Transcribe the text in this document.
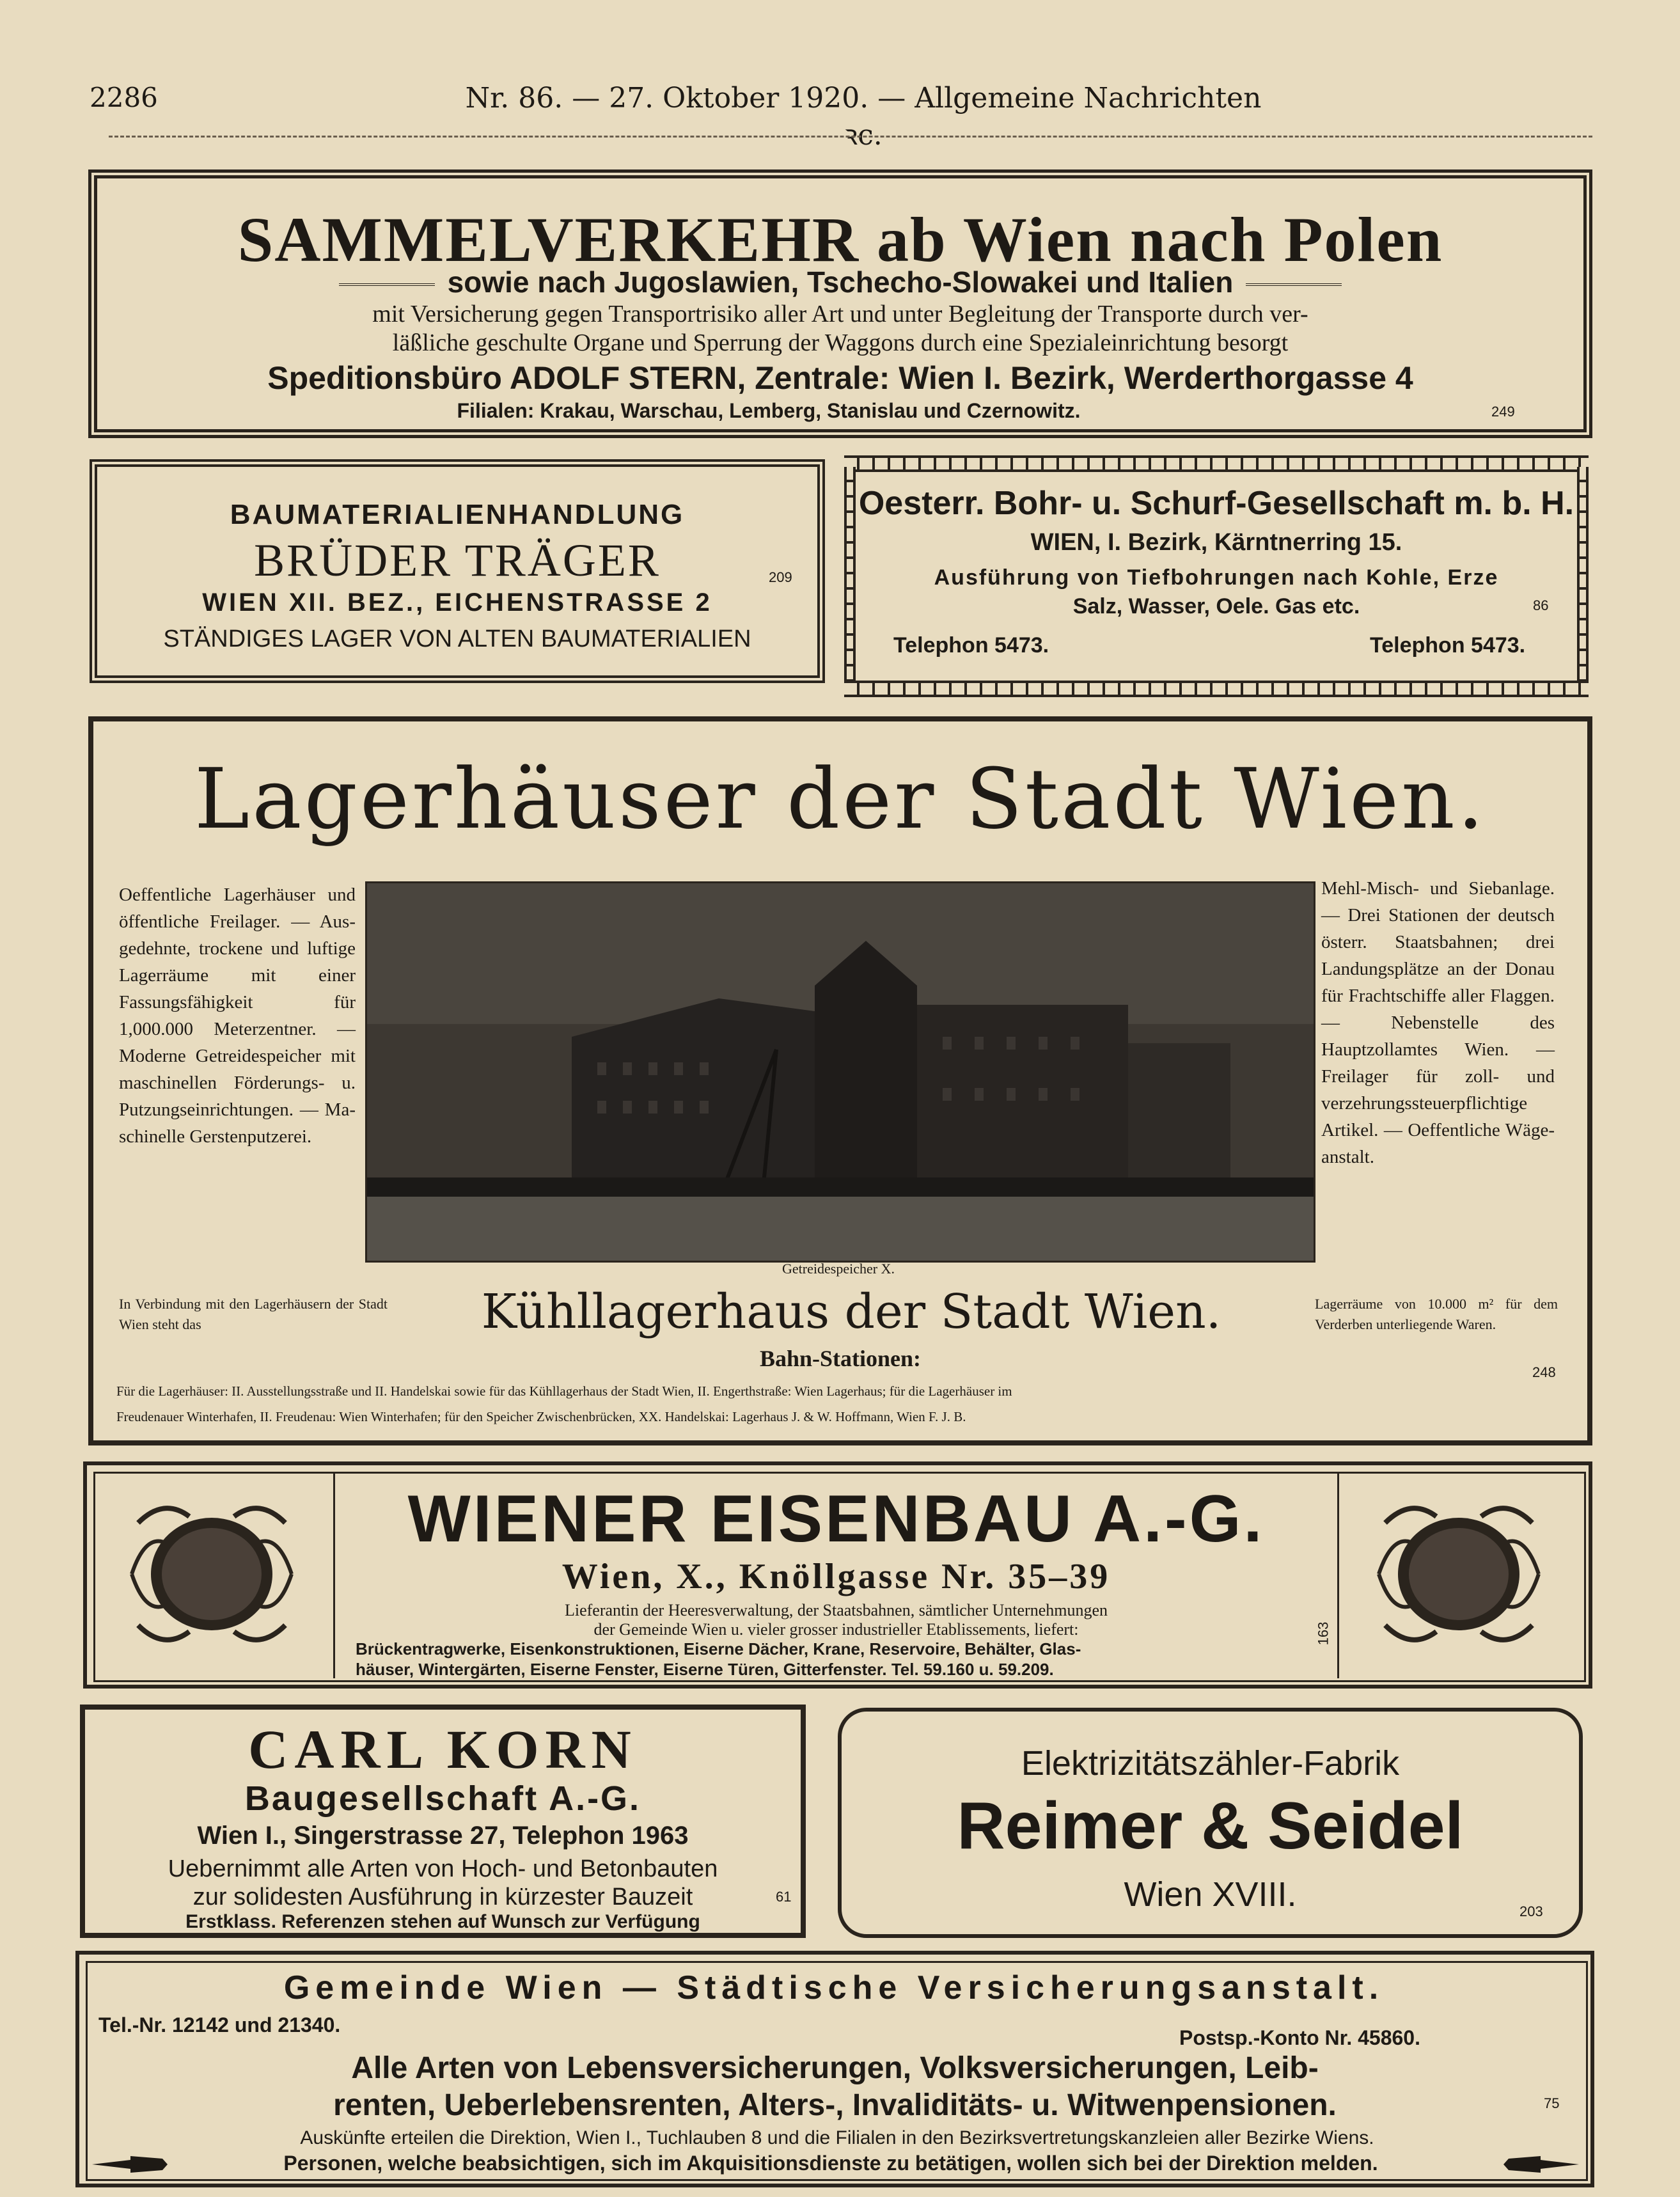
2286	Nr. 86. — 27. Oktober 1920. — Allgemeine Nachrichten ꝛc.
SAMMELVERKEHR ab Wien nach Polen
sowie nach Jugoslawien, Tschecho-Slowakei und Italien
mit Versicherung gegen Transportrisiko aller Art und unter Begleitung der Transporte durch ver-
läßliche geschulte Organe und Sperrung der Waggons durch eine Spezialeinrichtung besorgt
Speditionsbüro ADOLF STERN, Zentrale: Wien I. Bezirk, Werderthorgasse 4
Filialen: Krakau, Warschau, Lemberg, Stanislau und Czernowitz.	249
BAUMATERIALIENHANDLUNG
BRÜDER TRÄGER	209
WIEN XII. BEZ., EICHENSTRASSE 2
STÄNDIGES LAGER VON ALTEN BAUMATERIALIEN
Oesterr. Bohr- u. Schurf-Gesellschaft m. b. H.
WIEN, I. Bezirk, Kärntnerring 15.
Ausführung von Tiefbohrungen nach Kohle, Erze
Salz, Wasser, Oele. Gas etc.	86
Telephon 5473.	Telephon 5473.
Lagerhäuser der Stadt Wien.
Oeffentliche Lagerhäuser und öffentliche Freilager. — Ausgedehnte, trockene und luftige Lagerräume mit einer Fassungsfähigkeit für 1,000.000 Meterzentner. — Moderne Getreidespeicher mit maschinellen Förderungs- u. Putzungseinrichtungen. — Maschinelle Gerstenputzerei.
Getreidespeicher X.
Mehl-Misch- und Siebanlage. — Drei Stationen der deutsch österr. Staatsbahnen; drei Landungsplätze an der Donau für Frachtschiffe aller Flaggen. — Nebenstelle des Hauptzollamtes Wien. — Freilager für zoll- und verzehrungssteuerpflichtige Artikel. — Oeffentliche Wägeanstalt.
In Verbindung mit den Lagerhäusern der Stadt Wien steht das	Kühllagerhaus der Stadt Wien.	Lagerräume von 10.000 m² für dem Verderben unterliegende Waren.
Bahn-Stationen:
248
Für die Lagerhäuser: II. Ausstellungsstraße und II. Handelskai sowie für das Kühllagerhaus der Stadt Wien, II. Engerthstraße: Wien Lagerhaus; für die Lagerhäuser im
Freudenauer Winterhafen, II. Freudenau: Wien Winterhafen; für den Speicher Zwischenbrücken, XX. Handelskai: Lagerhaus J. & W. Hoffmann, Wien F. J. B.
WIENER EISENBAU A.-G.
Wien, X., Knöllgasse Nr. 35–39
Lieferantin der Heeresverwaltung, der Staatsbahnen, sämtlicher Unternehmungen
der Gemeinde Wien u. vieler grosser industrieller Etablissements, liefert:
Brückentragwerke, Eisenkonstruktionen, Eiserne Dächer, Krane, Reservoire, Behälter, Glas-
häuser, Wintergärten, Eiserne Fenster, Eiserne Türen, Gitterfenster. Tel. 59.160 u. 59.209.
163
CARL KORN
Baugesellschaft A.-G.
Wien I., Singerstrasse 27, Telephon 1963
Uebernimmt alle Arten von Hoch- und Betonbauten
zur solidesten Ausführung in kürzester Bauzeit	61
Erstklass. Referenzen stehen auf Wunsch zur Verfügung
Elektrizitätszähler-Fabrik
Reimer & Seidel
Wien XVIII.	203
Gemeinde Wien — Städtische Versicherungsanstalt.
Tel.-Nr. 12142 und 21340.
Postsp.-Konto Nr. 45860.
Alle Arten von Lebensversicherungen, Volksversicherungen, Leib-
renten, Ueberlebensrenten, Alters-, Invaliditäts- u. Witwenpensionen.	75
Auskünfte erteilen die Direktion, Wien I., Tuchlauben 8 und die Filialen in den Bezirksvertretungskanzleien aller Bezirke Wiens.
Personen, welche beabsichtigen, sich im Akquisitionsdienste zu betätigen, wollen sich bei der Direktion melden.
